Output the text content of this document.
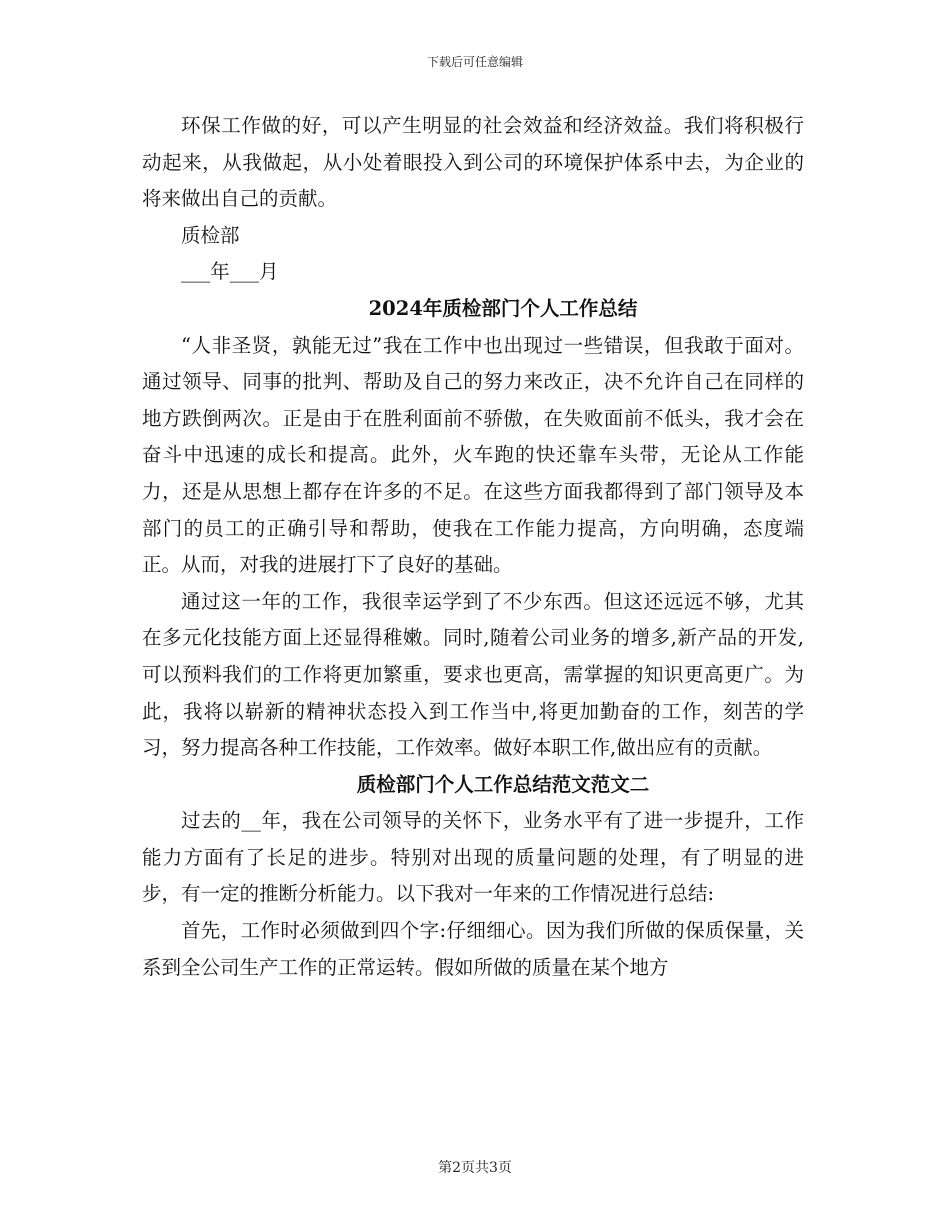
下载后可任意编辑

环保工作做的好，可以产生明显的社会效益和经济效益。我们将积极行动起来，从我做起，从小处着眼投入到公司的环境保护体系中去，为企业的将来做出自己的贡献。

质检部

___年___月

2024年质检部门个人工作总结

“人非圣贤，孰能无过”我在工作中也出现过一些错误，但我敢于面对。通过领导、同事的批判、帮助及自己的努力来改正，决不允许自己在同样的地方跌倒两次。正是由于在胜利面前不骄傲，在失败面前不低头，我才会在奋斗中迅速的成长和提高。此外，火车跑的快还靠车头带，无论从工作能力，还是从思想上都存在许多的不足。在这些方面我都得到了部门领导及本部门的员工的正确引导和帮助，使我在工作能力提高，方向明确，态度端正。从而，对我的进展打下了良好的基础。

通过这一年的工作，我很幸运学到了不少东西。但这还远远不够，尤其在多元化技能方面上还显得稚嫩。同时,随着公司业务的增多,新产品的开发,可以预料我们的工作将更加繁重，要求也更高，需掌握的知识更高更广。为此，我将以崭新的精神状态投入到工作当中,将更加勤奋的工作，刻苦的学习，努力提高各种工作技能，工作效率。做好本职工作,做出应有的贡献。

质检部门个人工作总结范文范文二

过去的__年，我在公司领导的关怀下，业务水平有了进一步提升，工作能力方面有了长足的进步。特别对出现的质量问题的处理，有了明显的进步，有一定的推断分析能力。以下我对一年来的工作情况进行总结:

首先，工作时必须做到四个字:仔细细心。因为我们所做的保质保量，关系到全公司生产工作的正常运转。假如所做的质量在某个地方

第2页共3页
